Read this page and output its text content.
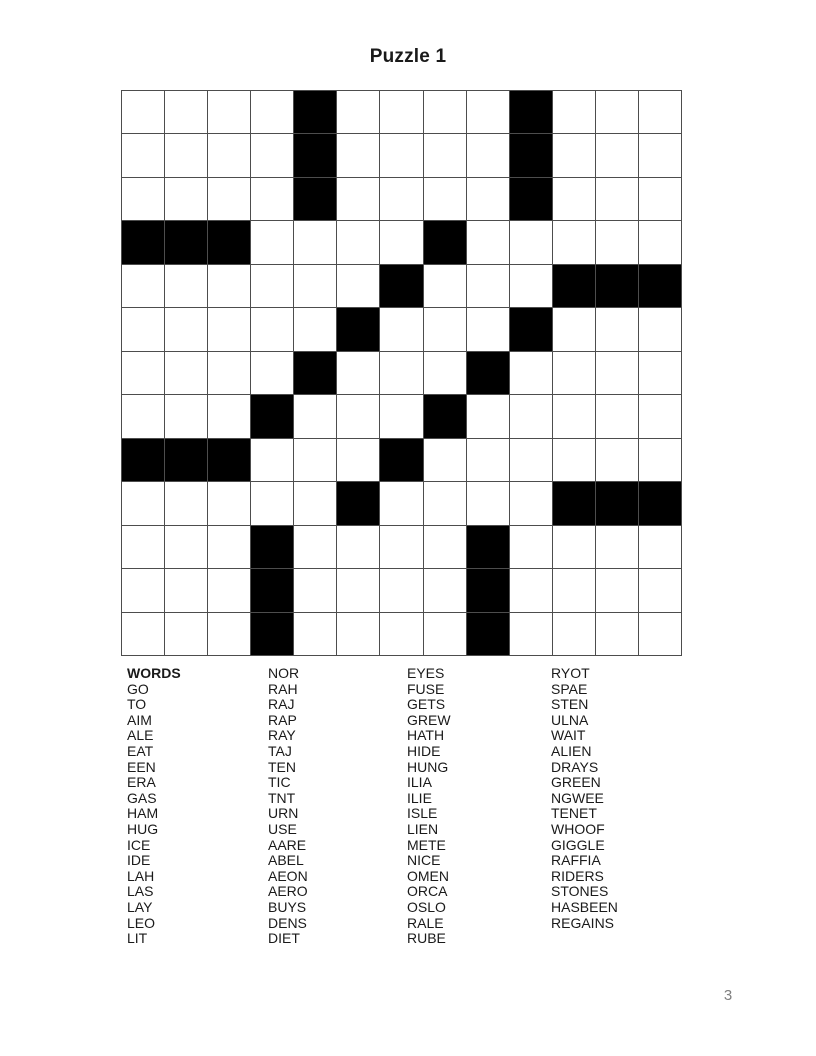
Puzzle 1
WORDS
GO
TO
AIM
ALE
EAT
EEN
ERA
GAS
HAM
HUG
ICE
IDE
LAH
LAS
LAY
LEO
LIT
NOR
RAH
RAJ
RAP
RAY
TAJ
TEN
TIC
TNT
URN
USE
AARE
ABEL
AEON
AERO
BUYS
DENS
DIET
EYES
FUSE
GETS
GREW
HATH
HIDE
HUNG
ILIA
ILIE
ISLE
LIEN
METE
NICE
OMEN
ORCA
OSLO
RALE
RUBE
RYOT
SPAE
STEN
ULNA
WAIT
ALIEN
DRAYS
GREEN
NGWEE
TENET
WHOOF
GIGGLE
RAFFIA
RIDERS
STONES
HASBEEN
REGAINS
3
